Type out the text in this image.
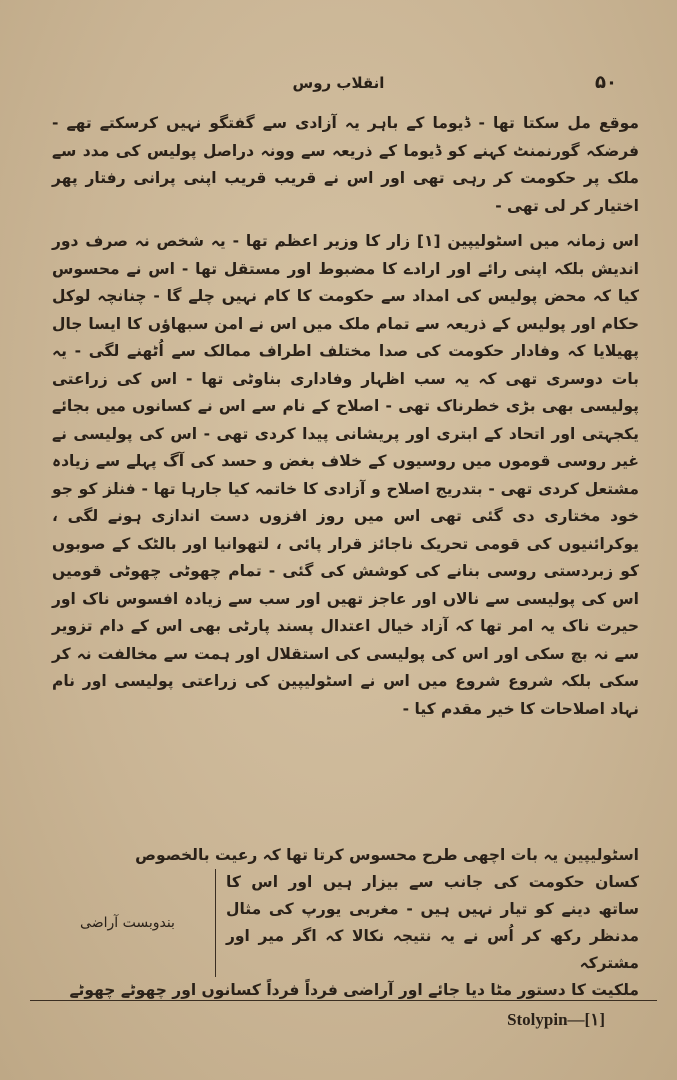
۵۰
انقلاب روس

موقع مل سکتا تھا - ڈیوما کے باہر یہ آزادی سے گفتگو نہیں کرسکتے تھے - فرضکہ گورنمنٹ کہنے کو ڈیوما کے ذریعہ سے وونہ دراصل پولیس کی مدد سے ملک پر حکومت کر رہی تھی اور اس نے قریب قریب اپنی پرانی رفتار پھر اختیار کر لی تھی -

اس زمانہ میں اسٹولیپین [۱] زار کا وزیر اعظم تھا - یہ شخص نہ صرف دور اندیش بلکہ اپنی رائے اور ارادے کا مضبوط اور مستقل تھا - اس نے محسوس کیا کہ محض پولیس کی امداد سے حکومت کا کام نہیں چلے گا - چنانچہ لوکل حکام اور پولیس کے ذریعہ سے تمام ملک میں اس نے امن سبھاؤں کا ایسا جال پھیلایا کہ وفادار حکومت کی صدا مختلف اطراف ممالک سے اُٹھنے لگی - یہ بات دوسری تھی کہ یہ سب اظہار وفاداری بناوٹی تھا - اس کی زراعتی پولیسی بھی بڑی خطرناک تھی - اصلاح کے نام سے اس نے کسانوں میں بجائے یکجہتی اور اتحاد کے ابتری اور پریشانی پیدا کردی تھی - اس کی پولیسی نے غیر روسی قوموں میں روسیوں کے خلاف بغض و حسد کی آگ پہلے سے زیادہ مشتعل کردی تھی - بتدریج اصلاح و آزادی کا خاتمہ کیا جارہا تھا - فنلز کو جو خود مختاری دی گئی تھی اس میں روز افزوں دست اندازی ہونے لگی ، یوکرائنیوں کی قومی تحریک ناجائز قرار پائی ، لتھوانیا اور بالٹک کے صوبوں کو زبردستی روسی بنانے کی کوشش کی گئی - تمام چھوٹی چھوٹی قومیں اس کی پولیسی سے نالاں اور عاجز تھیں اور سب سے زیادہ افسوس ناک اور حیرت ناک یہ امر تھا کہ آزاد خیال اعتدال پسند پارٹی بھی اس کے دام تزویر سے نہ بچ سکی اور اس کی پولیسی کی استقلال اور ہمت سے مخالفت نہ کر سکی بلکہ شروع شروع میں اس نے اسٹولیپین کی زراعتی پولیسی اور نام نہاد اصلاحات کا خیر مقدم کیا -

اسٹولیپین یہ بات اچھی طرح محسوس کرتا تھا کہ رعیت بالخصوص
کسان حکومت کی جانب سے بیزار ہیں اور اس کا ساتھ دینے کو تیار نہیں ہیں - مغربی یورپ کی مثال مدنظر رکھ کر اُس نے یہ نتیجہ نکالا کہ اگر میر اور مشترکہ
بندوبست آراضی
ملکیت کا دستور مٹا دیا جائے اور آراضی فرداً فرداً کسانوں اور چھوٹے چھوٹے
Stolypin—[۱]
